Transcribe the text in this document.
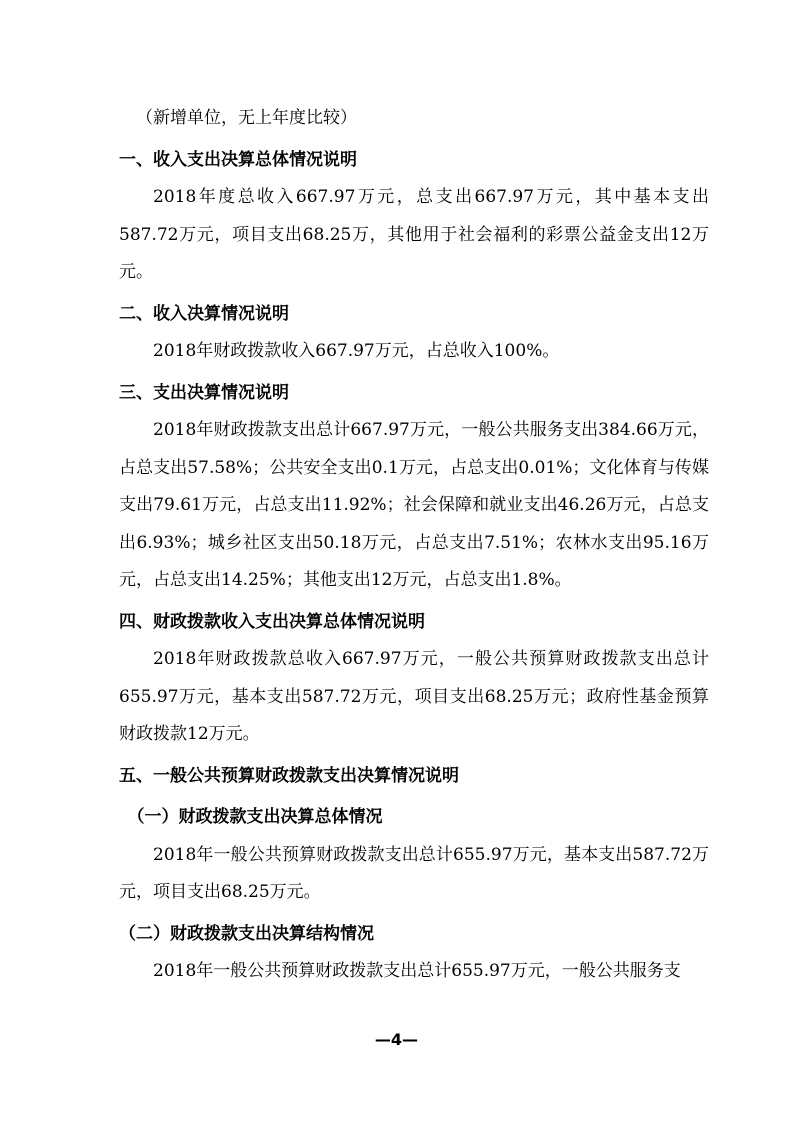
（新增单位，无上年度比较）

一、收入支出决算总体情况说明

2018年度总收入667.97万元，总支出667.97万元，其中基本支出587.72万元，项目支出68.25万，其他用于社会福利的彩票公益金支出12万元。

二、收入决算情况说明

2018年财政拨款收入667.97万元，占总收入100%。

三、支出决算情况说明

2018年财政拨款支出总计667.97万元，一般公共服务支出384.66万元，占总支出57.58%；公共安全支出0.1万元，占总支出0.01%；文化体育与传媒支出79.61万元，占总支出11.92%；社会保障和就业支出46.26万元，占总支出6.93%；城乡社区支出50.18万元，占总支出7.51%；农林水支出95.16万元，占总支出14.25%；其他支出12万元，占总支出1.8%。

四、财政拨款收入支出决算总体情况说明

2018年财政拨款总收入667.97万元，一般公共预算财政拨款支出总计655.97万元，基本支出587.72万元，项目支出68.25万元；政府性基金预算财政拨款12万元。

五、一般公共预算财政拨款支出决算情况说明

（一）财政拨款支出决算总体情况

2018年一般公共预算财政拨款支出总计655.97万元，基本支出587.72万元，项目支出68.25万元。

（二）财政拨款支出决算结构情况

2018年一般公共预算财政拨款支出总计655.97万元，一般公共服务支

—4—
